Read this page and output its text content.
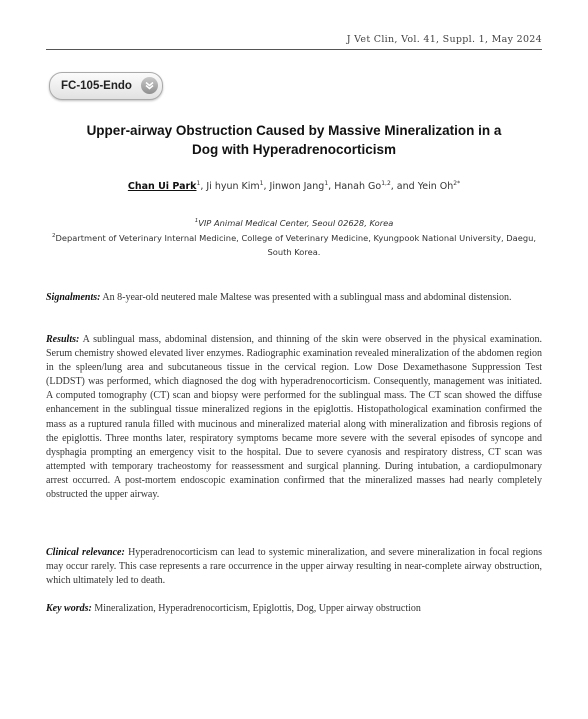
J Vet Clin, Vol. 41, Suppl. 1, May 2024
FC-105-Endo
Upper-airway Obstruction Caused by Massive Mineralization in a
Dog with Hyperadrenocorticism
Chan Ui Park$^1$, Ji hyun Kim$^1$, Jinwon Jang$^1$, Hanah Go$^{1,2}$, and Yein $Oh^{2*}$
$^1$VIP Animal Medical Center, Seoul 02628, Korea
$^2$Department of Veterinary Internal Medicine, College of Veterinary Medicine, Kyungpook National University, Daegu, South Korea.
Signalments: An 8-year-old neutered male Maltese was presented with a sublingual mass and abdominal distension.
Results: A sublingual mass, abdominal distension, and thinning of the skin were observed in the physical examination. Serum chemistry showed elevated liver enzymes. Radiographic examination revealed mineralization of the abdomen region in the spleen/lung area and subcutaneous tissue in the cervical region. Low Dose Dexamethasone Suppression Test (LDDST) was performed, which diagnosed the dog with hyperadrenocorticism. Consequently, management was initiated. A computed tomography (CT) scan and biopsy were performed for the sublingual mass. The CT scan showed the diffuse enhancement in the sublingual tissue mineralized regions in the epiglottis. Histopathological examination confirmed the mass as a ruptured ranula filled with mucinous and mineralized material along with mineralization and fibrosis regions of the epiglottis. Three months later, respiratory symptoms became more severe with the several episodes of syncope and dysphagia prompting an emergency visit to the hospital. Due to severe cyanosis and respiratory distress, CT scan was attempted with temporary tracheostomy for reassessment and surgical planning. During intubation, a cardiopulmonary arrest occurred. A post-mortem endoscopic examination confirmed that the mineralized masses had nearly completely obstructed the upper airway.
Clinical relevance: Hyperadrenocorticism can lead to systemic mineralization, and severe mineralization in focal regions may occur rarely. This case represents a rare occurrence in the upper airway resulting in near-complete airway obstruction, which ultimately led to death.
Key words: Mineralization, Hyperadrenocorticism, Epiglottis, Dog, Upper airway obstruction
